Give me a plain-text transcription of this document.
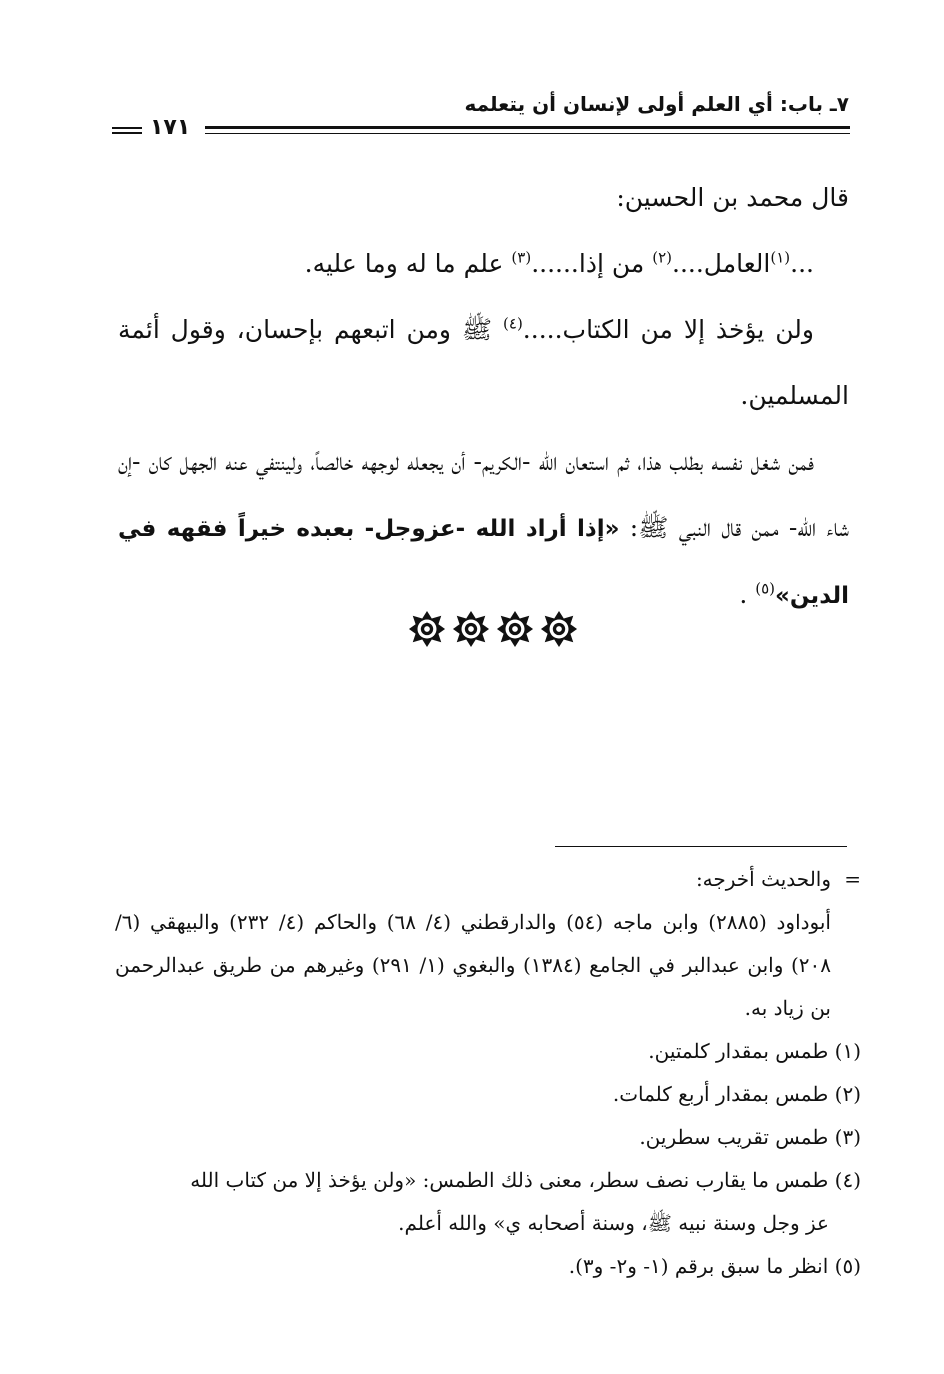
٧ـ باب: أي العلم أولى لإنسان أن يتعلمه
١٧١

قال محمد بن الحسين:

...$^{(١)}$العامل....$^{(٢)}$ من إذا......$^{(٣)}$ علم ما له وما عليه.

ولن يؤخذ إلا من الكتاب.....$^{(٤)}$ ﷺ ومن اتبعهم بإحسان، وقول أئمة المسلمين.

فمن شغل نفسه بطلب هذا، ثم استعان الله -الكريم- أن يجعله لوجهه خالصاً، ولينتفي عنه الجهل كان -إن شاء الله- ممن قال النبي ﷺ: «إذا أراد الله -عزوجل- بعبده خيراً فقهه في الدين»$^{(٥)}$ .

=والحديث أخرجه:

أبوداود (٢٨٨٥) وابن ماجه (٥٤) والدارقطني (٤/ ٦٨) والحاكم (٤/ ٢٣٢) والبيهقي (٦/ ٢٠٨) وابن عبدالبر في الجامع (١٣٨٤) والبغوي (١/ ٢٩١) وغيرهم من طريق عبدالرحمن بن زياد به.

(١) طمس بمقدار كلمتين.

(٢) طمس بمقدار أربع كلمات.

(٣) طمس تقريب سطرين.

(٤) طمس ما يقارب نصف سطر، معنى ذلك الطمس: «ولن يؤخذ إلا من كتاب الله

عز وجل وسنة نبيه ﷺ، وسنة أصحابه ي» والله أعلم.

(٥) انظر ما سبق برقم (١- و٢- و٣).
